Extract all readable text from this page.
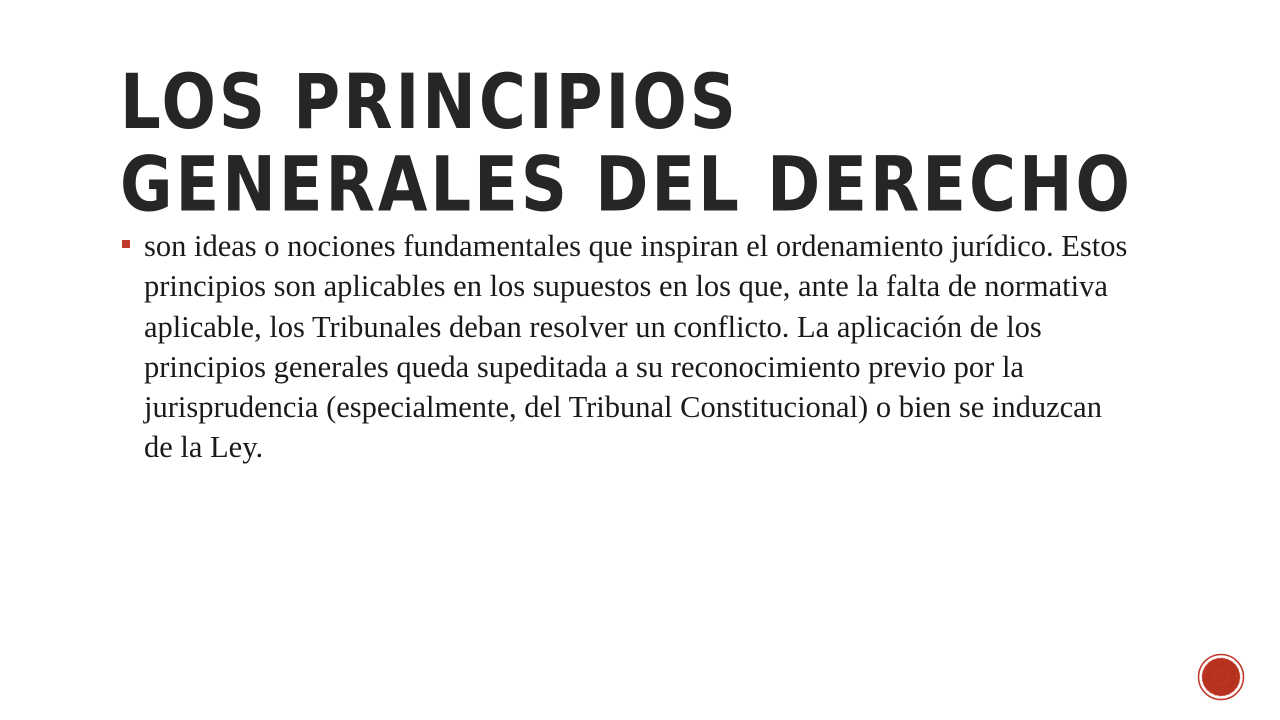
LOS PRINCIPIOS GENERALES DEL DERECHO
son ideas o nociones fundamentales que inspiran el ordenamiento jurídico. Estos principios son aplicables en los supuestos en los que, ante la falta de normativa aplicable, los Tribunales deban resolver un conflicto. La aplicación de los principios generales queda supeditada a su reconocimiento previo por la jurisprudencia (especialmente, del Tribunal Constitucional) o bien se induzcan de la Ley.
